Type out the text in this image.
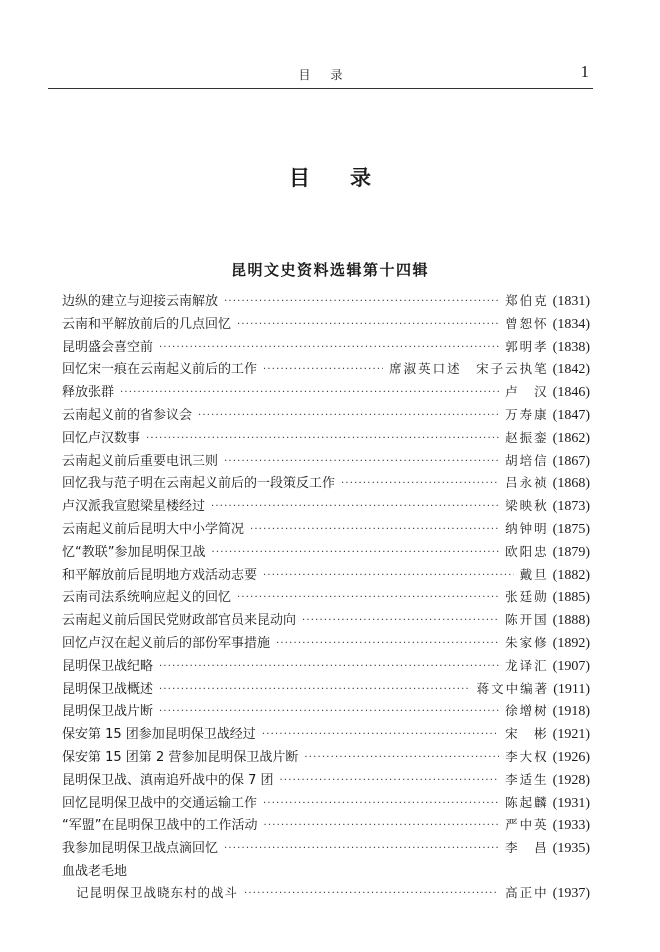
目录	1
目录
昆明文史资料选辑第十四辑
边纵的建立与迎接云南解放 ·····	郑伯克 (1831)
云南和平解放前后的几点回忆 ·····	曾恕怀 (1834)
昆明盛会喜空前 ·····	郭明孝 (1838)
回忆宋一痕在云南起义前后的工作 ·····	席淑英口述　宋子云执笔 (1842)
释放张群 ·····	卢　汉 (1846)
云南起义前的省参议会 ·····	万寿康 (1847)
回忆卢汉数事 ·····	赵振銮 (1862)
云南起义前后重要电讯三则 ·····	胡培信 (1867)
回忆我与范子明在云南起义前后的一段策反工作 ·····	吕永祯 (1868)
卢汉派我宣慰梁星楼经过 ·····	梁映秋 (1873)
云南起义前后昆明大中小学简况 ·····	纳钟明 (1875)
忆“教联”参加昆明保卫战 ·····	欧阳忠 (1879)
和平解放前后昆明地方戏活动志要 ·····	戴旦 (1882)
云南司法系统响应起义的回忆 ·····	张廷勋 (1885)
云南起义前后国民党财政部官员来昆动向 ·····	陈开国 (1888)
回忆卢汉在起义前后的部份军事措施 ·····	朱家修 (1892)
昆明保卫战纪略 ·····	龙译汇 (1907)
昆明保卫战概述 ·····	蒋文中编著 (1911)
昆明保卫战片断 ·····	徐增树 (1918)
保安第 15 团参加昆明保卫战经过 ·····	宋　彬 (1921)
保安第 15 团第 2 营参加昆明保卫战片断 ·····	李大权 (1926)
昆明保卫战、滇南追歼战中的保 7 团 ·····	李适生 (1928)
回忆昆明保卫战中的交通运输工作 ·····	陈起麟 (1931)
“军盟”在昆明保卫战中的工作活动 ·····	严中英 (1933)
我参加昆明保卫战点滴回忆 ·····	李　昌 (1935)
血战老毛地
记昆明保卫战晓东村的战斗 ·····	高正中 (1937)
